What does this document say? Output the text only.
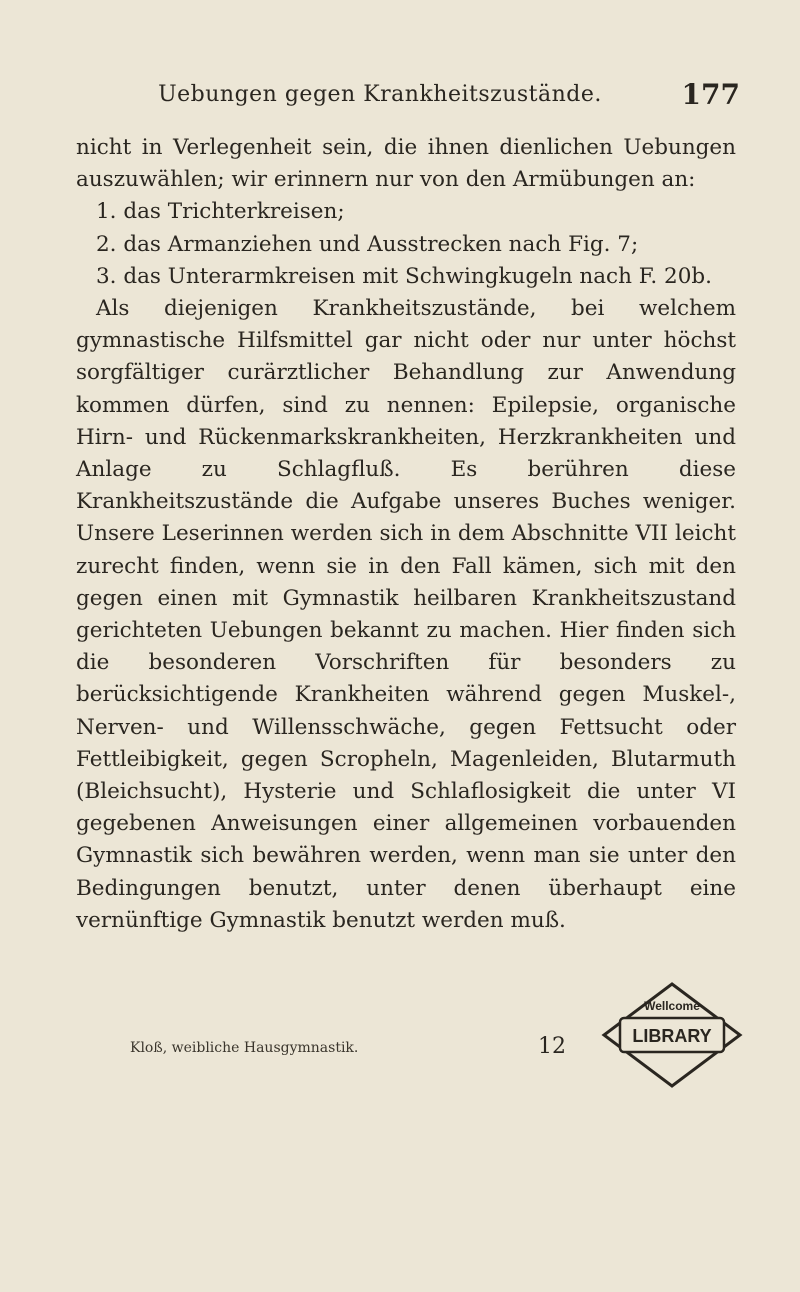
Uebungen gegen Krankheitszustände.	177

nicht in Verlegenheit sein, die ihnen dienlichen Uebungen auszuwählen; wir erinnern nur von den Armübungen an:

1. das Trichterkreisen;
2. das Armanziehen und Ausstrecken nach Fig. 7;
3. das Unterarmkreisen mit Schwingkugeln nach F. 20b.

Als diejenigen Krankheitszustände, bei welchem gymnastische Hilfsmittel gar nicht oder nur unter höchst sorgfältiger curärztlicher Behandlung zur Anwendung kommen dürfen, sind zu nennen: Epilepsie, organische Hirn- und Rückenmarkskrankheiten, Herzkrankheiten und Anlage zu Schlagfluß. Es berühren diese Krankheitszustände die Aufgabe unseres Buches weniger. Unsere Leserinnen werden sich in dem Abschnitte VII leicht zurecht finden, wenn sie in den Fall kämen, sich mit den gegen einen mit Gymnastik heilbaren Krankheitszustand gerichteten Uebungen bekannt zu machen. Hier finden sich die besonderen Vorschriften für besonders zu berücksichtigende Krankheiten während gegen Muskel-, Nerven- und Willensschwäche, gegen Fettsucht oder Fettleibigkeit, gegen Scropheln, Magenleiden, Blutarmuth (Bleichsucht), Hysterie und Schlaflosigkeit die unter VI gegebenen Anweisungen einer allgemeinen vorbauenden Gymnastik sich bewähren werden, wenn man sie unter den Bedingungen benutzt, unter denen überhaupt eine vernünftige Gymnastik benutzt werden muß.

Kloß, weibliche Hausgymnastik.	12
Wellcome
LIBRARY
